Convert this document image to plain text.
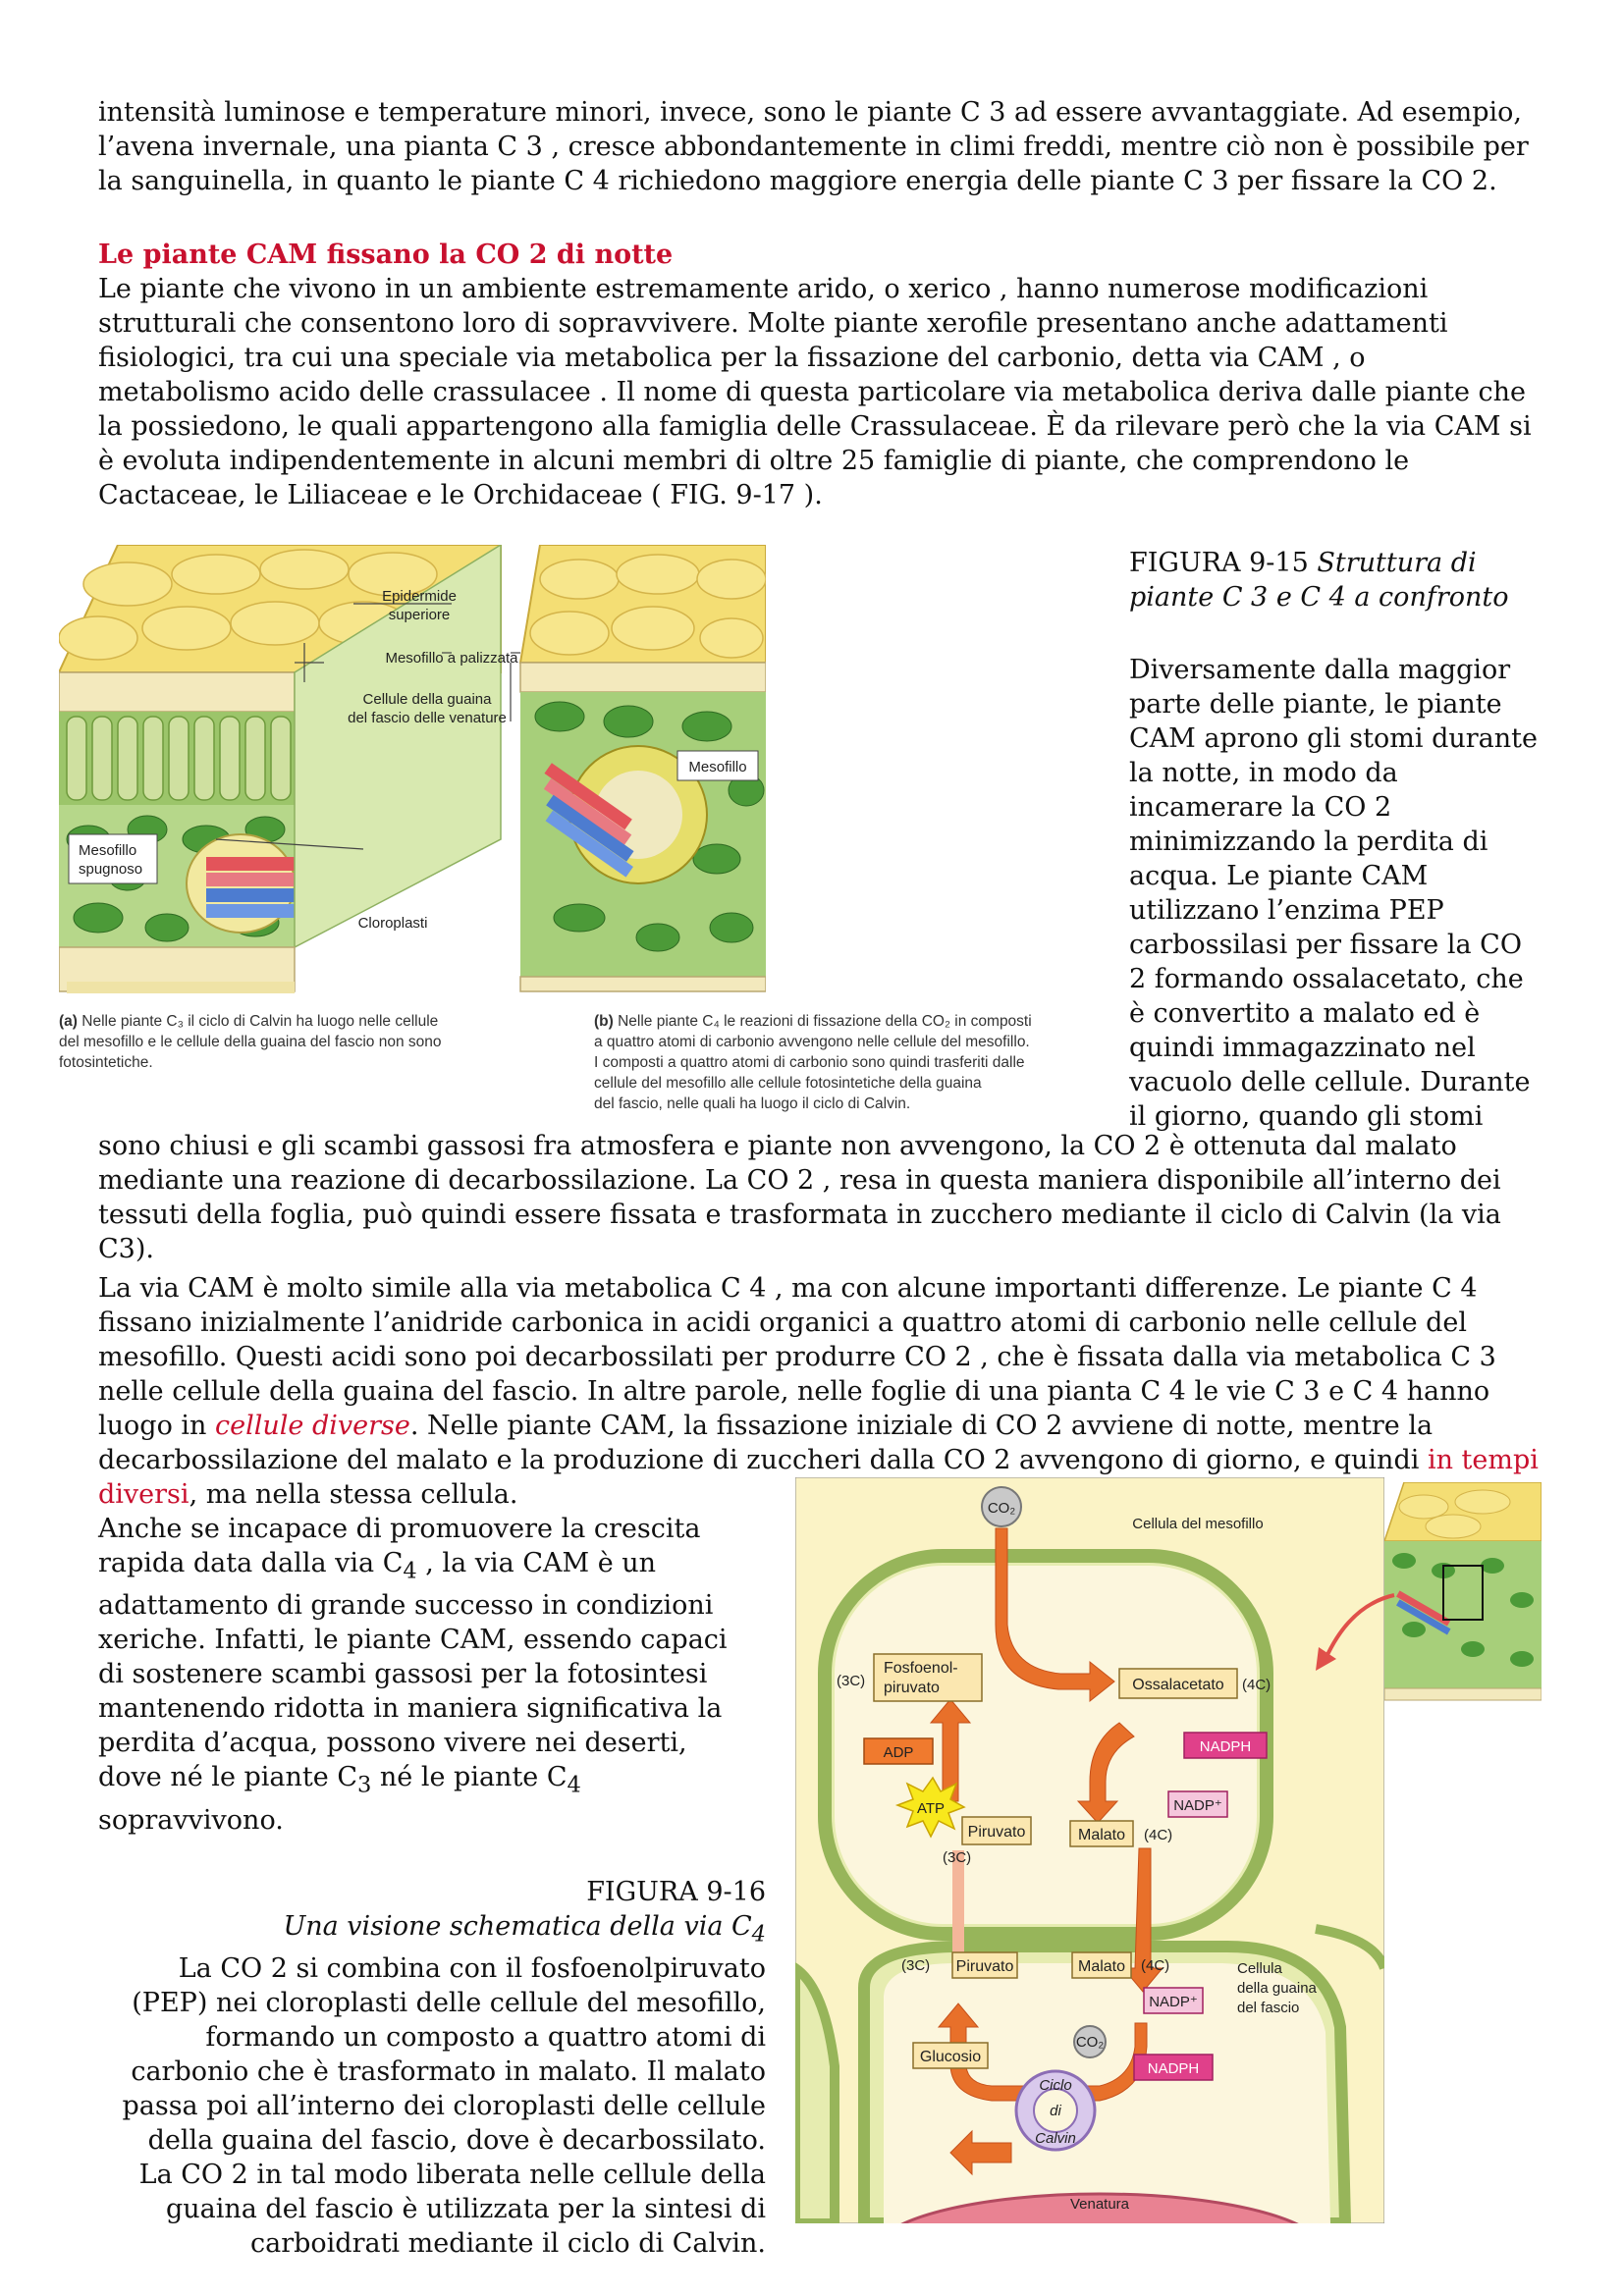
intensità luminose e temperature minori, invece, sono le piante C 3 ad essere avvantaggiate. Ad esempio, l’avena invernale, una pianta C 3 , cresce abbondantemente in climi freddi, mentre ciò non è possibile per la sanguinella, in quanto le piante C 4 richiedono maggiore energia delle piante C 3 per fissare la CO 2.

Le piante CAM fissano la CO 2 di notte

Le piante che vivono in un ambiente estremamente arido, o xerico , hanno numerose modificazioni strutturali che consentono loro di sopravvivere. Molte piante xerofile presentano anche adattamenti fisiologici, tra cui una speciale via metabolica per la fissazione del carbonio, detta via CAM , o metabolismo acido delle crassulacee . Il nome di questa particolare via metabolica deriva dalle piante che la possiedono, le quali appartengono alla famiglia delle Crassulaceae. È da rilevare però che la via CAM si è evoluta indipendentemente in alcuni membri di oltre 25 famiglie di piante, che comprendono le Cactaceae, le Liliaceae e le Orchidaceae ( FIG. 9-17 ).

Mesofillo
Mesofillo
spugnoso
Epidermide
superiore
Mesofillo a palizzata
Cellule della guaina
del fascio delle venature
Cloroplasti
(a) Nelle piante C₃ il ciclo di Calvin ha luogo nelle cellule
del mesofillo e le cellule della guaina del fascio non sono
fotosintetiche.
(b) Nelle piante C₄ le reazioni di fissazione della CO₂ in composti
a quattro atomi di carbonio avvengono nelle cellule del mesofillo.
I composti a quattro atomi di carbonio sono quindi trasferiti dalle
cellule del mesofillo alle cellule fotosintetiche della guaina
del fascio, nelle quali ha luogo il ciclo di Calvin.

FIGURA 9-15 Struttura di piante C 3 e C 4 a confronto

Diversamente dalla maggior parte delle piante, le piante CAM aprono gli stomi durante la notte, in modo da incamerare la CO 2 minimizzando la perdita di acqua. Le piante CAM utilizzano l’enzima PEP carbossilasi per fissare la CO 2 formando ossalacetato, che è convertito a malato ed è quindi immagazzinato nel vacuolo delle cellule. Durante il giorno, quando gli stomi

sono chiusi e gli scambi gassosi fra atmosfera e piante non avvengono, la CO 2 è ottenuta dal malato mediante una reazione di decarbossilazione. La CO 2 , resa in questa maniera disponibile all’interno dei tessuti della foglia, può quindi essere fissata e trasformata in zucchero mediante il ciclo di Calvin (la via C3).

La via CAM è molto simile alla via metabolica C 4 , ma con alcune importanti differenze. Le piante C 4 fissano inizialmente l’anidride carbonica in acidi organici a quattro atomi di carbonio nelle cellule del mesofillo. Questi acidi sono poi decarbossilati per produrre CO 2 , che è fissata dalla via metabolica C 3 nelle cellule della guaina del fascio. In altre parole, nelle foglie di una pianta C 4 le vie C 3 e C 4 hanno luogo in cellule diverse. Nelle piante CAM, la fissazione iniziale di CO 2 avviene di notte, mentre la decarbossilazione del malato e la produzione di zuccheri dalla CO 2 avvengono di giorno, e quindi in tempi diversi, ma nella stessa cellula.

Anche se incapace di promuovere la crescita rapida data dalla via $C_4$ , la via CAM è un adattamento di grande successo in condizioni xeriche. Infatti, le piante CAM, essendo capaci di sostenere scambi gassosi per la fotosintesi mantenendo ridotta in maniera significativa la perdita d’acqua, possono vivere nei deserti, dove né le piante $C_3$ né le piante $C_4$ sopravvivono.

FIGURA 9-16
Una visione schematica della via $C_4$
La CO 2 si combina con il fosfoenolpiruvato (PEP) nei cloroplasti delle cellule del mesofillo, formando un composto a quattro atomi di carbonio che è trasformato in malato. Il malato passa poi all’interno dei cloroplasti delle cellule della guaina del fascio, dove è decarbossilato. La CO 2 in tal modo liberata nelle cellule della guaina del fascio è utilizzata per la sintesi di carboidrati mediante il ciclo di Calvin.
CO₂
Cellula del mesofillo
Fosfoenol-
piruvato
(3C)	Ossalacetato (4C)
NADPH
NADP⁺
ADP
ATP
Piruvato
(3C)
Malato (4C)
(3C) Piruvato	Malato (4C)
NADP⁺
NADPH
Cellula
della guaina
del fascio
CO₂
Ciclo
di
Calvin
Glucosio
Venatura
